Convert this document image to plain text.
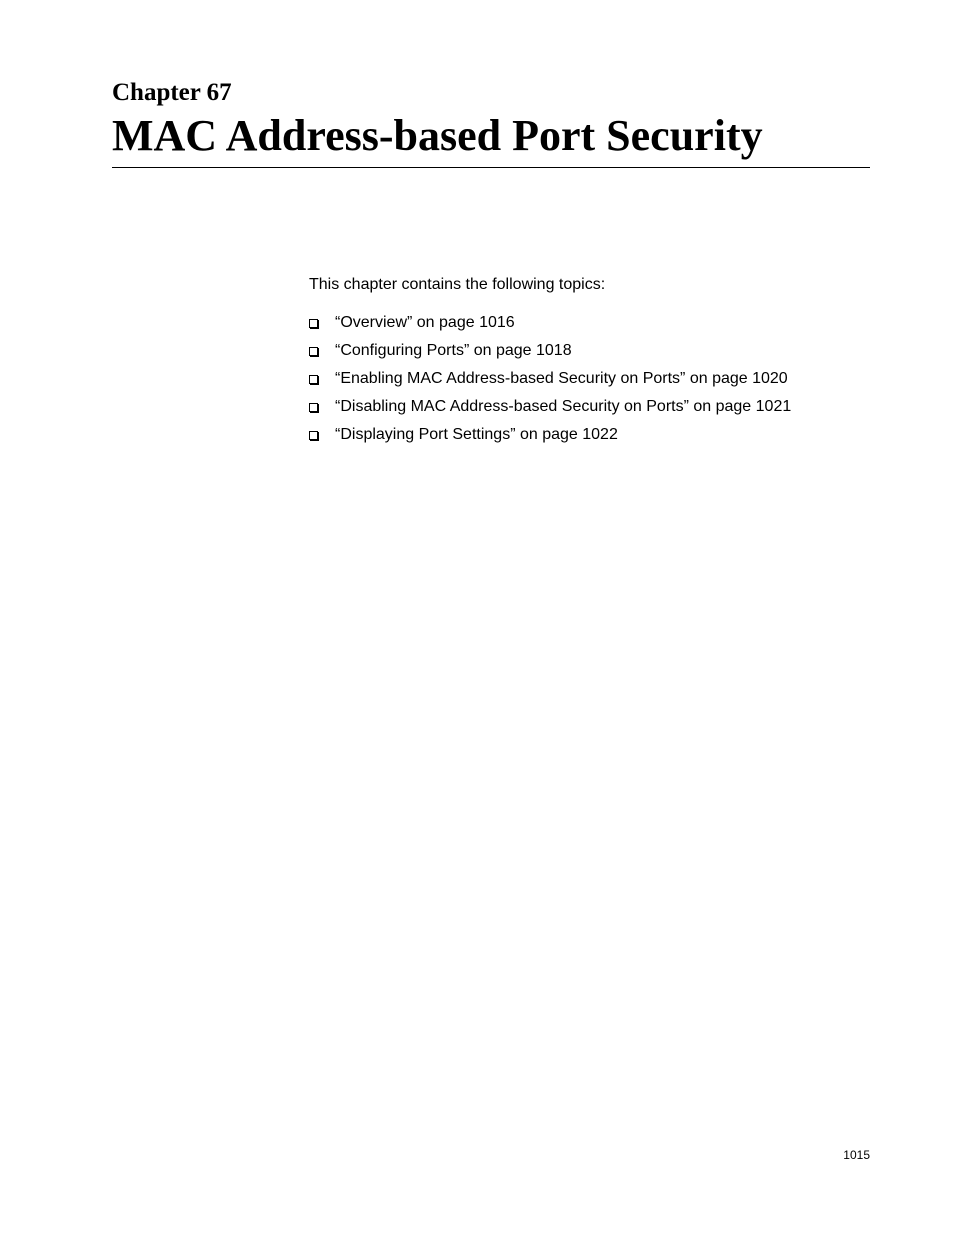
Chapter 67
MAC Address-based Port Security

This chapter contains the following topics:

“Overview” on page 1016
“Configuring Ports” on page 1018
“Enabling MAC Address-based Security on Ports” on page 1020
“Disabling MAC Address-based Security on Ports” on page 1021
“Displaying Port Settings” on page 1022
1015
